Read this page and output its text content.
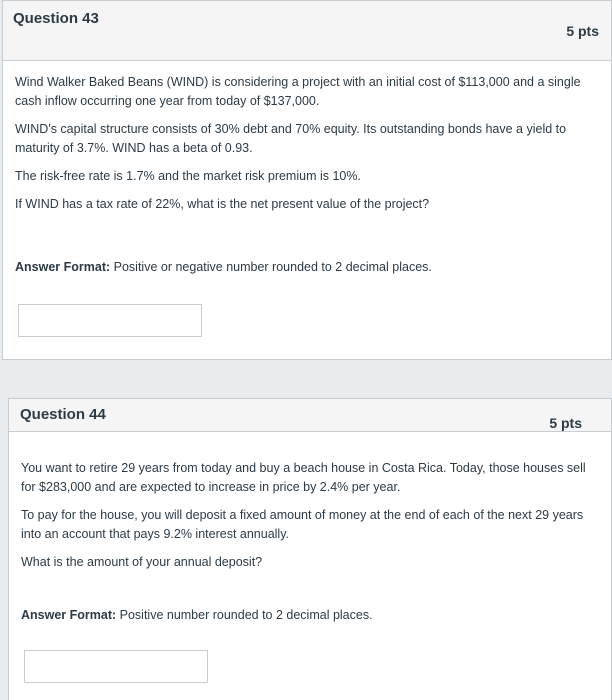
Question 43
5 pts

Wind Walker Baked Beans (WIND) is considering a project with an initial cost of $113,000 and a single cash inflow occurring one year from today of $137,000.

WIND's capital structure consists of 30% debt and 70% equity. Its outstanding bonds have a yield to maturity of 3.7%. WIND has a beta of 0.93.

The risk-free rate is 1.7% and the market risk premium is 10%.

If WIND has a tax rate of 22%, what is the net present value of the project?

Answer Format: Positive or negative number rounded to 2 decimal places.

Question 44	5 pts

You want to retire 29 years from today and buy a beach house in Costa Rica. Today, those houses sell for $283,000 and are expected to increase in price by 2.4% per year.

To pay for the house, you will deposit a fixed amount of money at the end of each of the next 29 years into an account that pays 9.2% interest annually.

What is the amount of your annual deposit?

Answer Format: Positive number rounded to 2 decimal places.
